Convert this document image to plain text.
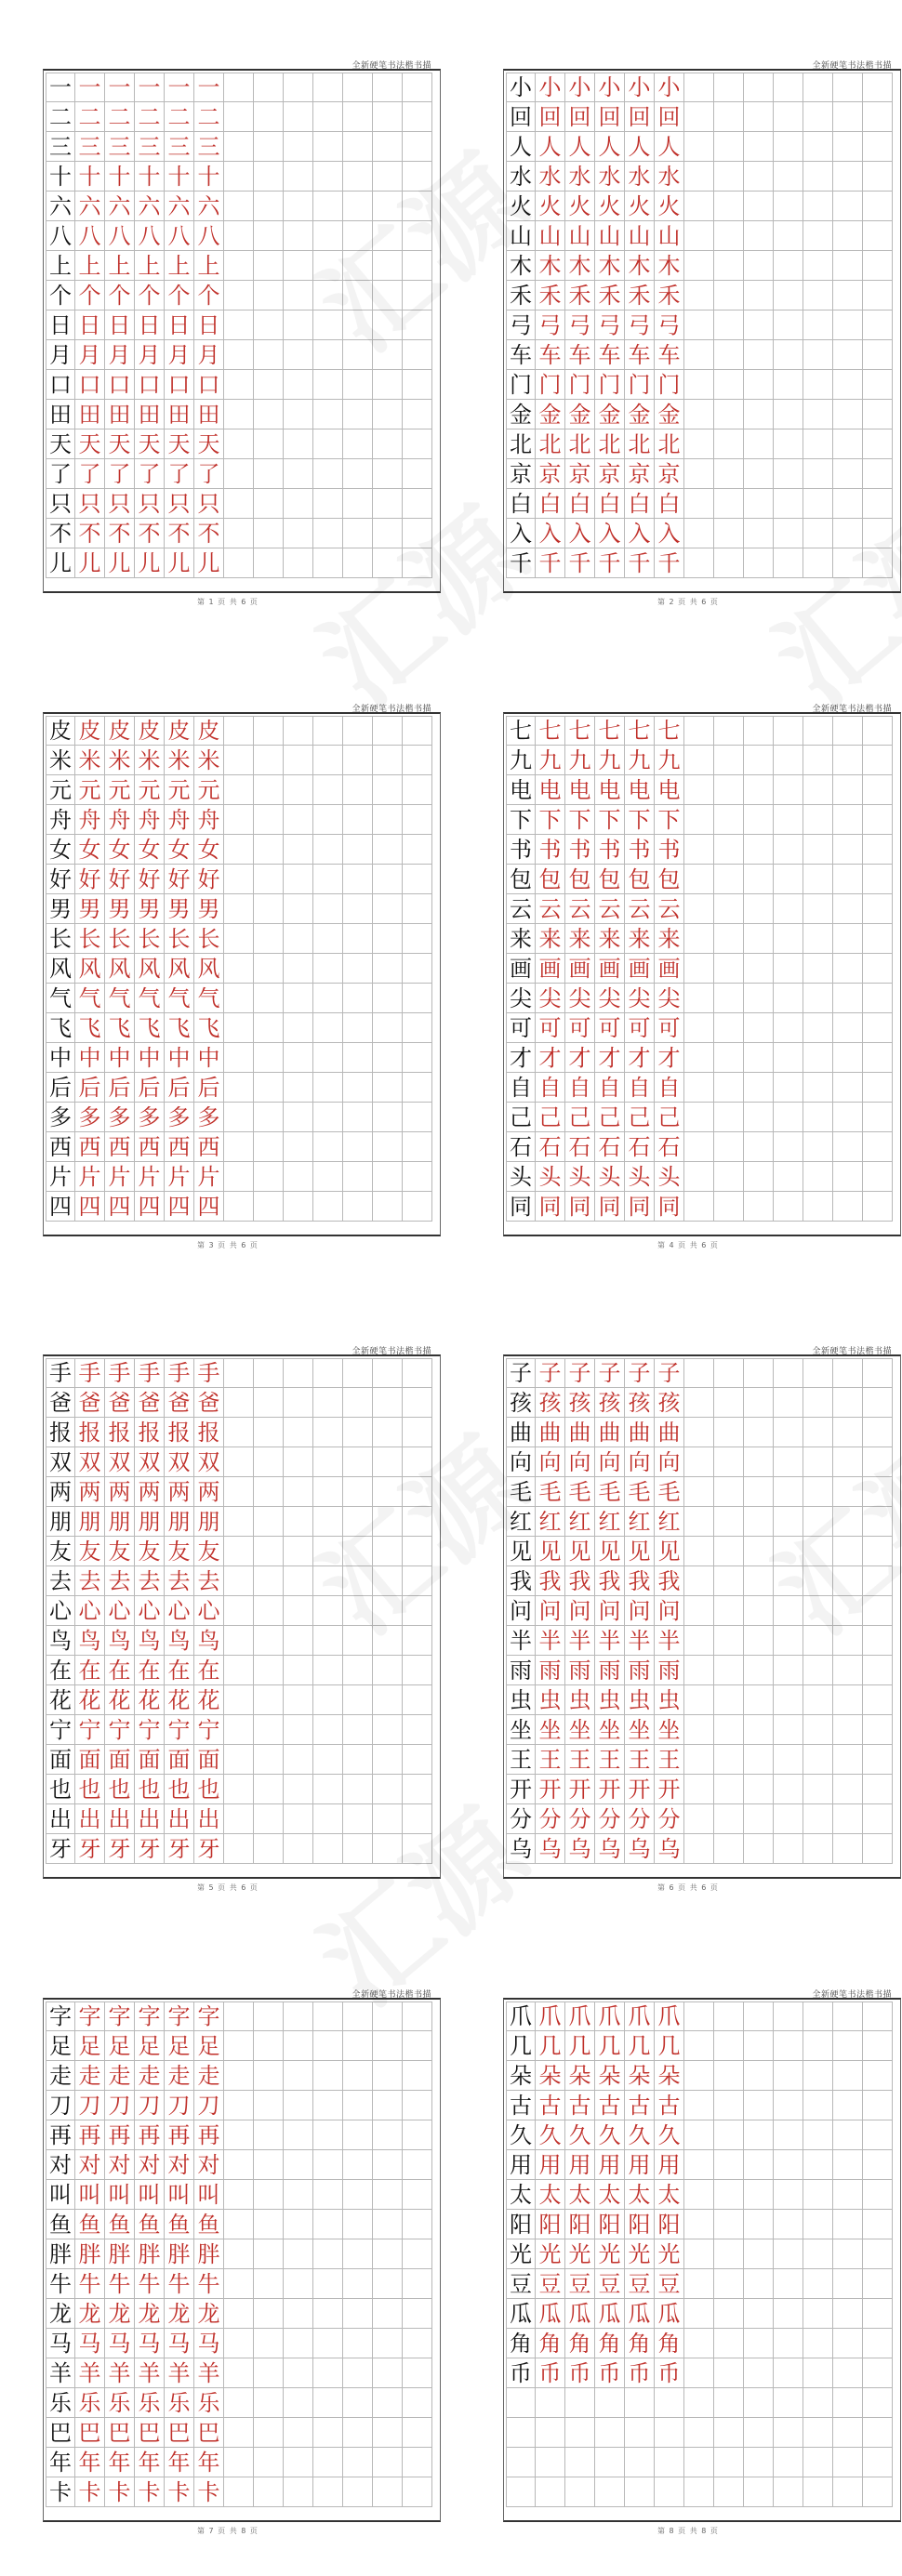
全新硬笔书法楷书描
一 一 一 一 一 一
二 二 二 二 二 二
三 三 三 三 三 三
十 十 十 十 十 十
六 六 六 六 六 六
八 八 八 八 八 八
上 上 上 上 上 上
个 个 个 个 个 个
日 日 日 日 日 日
月 月 月 月 月 月
口 口 口 口 口 口
田 田 田 田 田 田
天 天 天 天 天 天
了 了 了 了 了 了
只 只 只 只 只 只
不 不 不 不 不 不
儿 儿 儿 儿 儿 儿
第 1 页 共 6 页
全新硬笔书法楷书描
小 小 小 小 小 小
回 回 回 回 回 回
人 人 人 人 人 人
水 水 水 水 水 水
火 火 火 火 火 火
山 山 山 山 山 山
木 木 木 木 木 木
禾 禾 禾 禾 禾 禾
弓 弓 弓 弓 弓 弓
车 车 车 车 车 车
门 门 门 门 门 门
金 金 金 金 金 金
北 北 北 北 北 北
京 京 京 京 京 京
白 白 白 白 白 白
入 入 入 入 入 入
千 千 千 千 千 千
第 2 页 共 6 页
全新硬笔书法楷书描
皮 皮 皮 皮 皮 皮
米 米 米 米 米 米
元 元 元 元 元 元
舟 舟 舟 舟 舟 舟
女 女 女 女 女 女
好 好 好 好 好 好
男 男 男 男 男 男
长 长 长 长 长 长
风 风 风 风 风 风
气 气 气 气 气 气
飞 飞 飞 飞 飞 飞
中 中 中 中 中 中
后 后 后 后 后 后
多 多 多 多 多 多
西 西 西 西 西 西
片 片 片 片 片 片
四 四 四 四 四 四
第 3 页 共 6 页
全新硬笔书法楷书描
七 七 七 七 七 七
九 九 九 九 九 九
电 电 电 电 电 电
下 下 下 下 下 下
书 书 书 书 书 书
包 包 包 包 包 包
云 云 云 云 云 云
来 来 来 来 来 来
画 画 画 画 画 画
尖 尖 尖 尖 尖 尖
可 可 可 可 可 可
才 才 才 才 才 才
自 自 自 自 自 自
己 己 己 己 己 己
石 石 石 石 石 石
头 头 头 头 头 头
同 同 同 同 同 同
第 4 页 共 6 页
全新硬笔书法楷书描
手 手 手 手 手 手
爸 爸 爸 爸 爸 爸
报 报 报 报 报 报
双 双 双 双 双 双
两 两 两 两 两 两
朋 朋 朋 朋 朋 朋
友 友 友 友 友 友
去 去 去 去 去 去
心 心 心 心 心 心
鸟 鸟 鸟 鸟 鸟 鸟
在 在 在 在 在 在
花 花 花 花 花 花
宁 宁 宁 宁 宁 宁
面 面 面 面 面 面
也 也 也 也 也 也
出 出 出 出 出 出
牙 牙 牙 牙 牙 牙
第 5 页 共 6 页
全新硬笔书法楷书描
子 子 子 子 子 子
孩 孩 孩 孩 孩 孩
曲 曲 曲 曲 曲 曲
向 向 向 向 向 向
毛 毛 毛 毛 毛 毛
红 红 红 红 红 红
见 见 见 见 见 见
我 我 我 我 我 我
问 问 问 问 问 问
半 半 半 半 半 半
雨 雨 雨 雨 雨 雨
虫 虫 虫 虫 虫 虫
坐 坐 坐 坐 坐 坐
王 王 王 王 王 王
开 开 开 开 开 开
分 分 分 分 分 分
乌 乌 乌 乌 乌 乌
第 6 页 共 6 页
全新硬笔书法楷书描
字 字 字 字 字 字
足 足 足 足 足 足
走 走 走 走 走 走
刀 刀 刀 刀 刀 刀
再 再 再 再 再 再
对 对 对 对 对 对
叫 叫 叫 叫 叫 叫
鱼 鱼 鱼 鱼 鱼 鱼
胖 胖 胖 胖 胖 胖
牛 牛 牛 牛 牛 牛
龙 龙 龙 龙 龙 龙
马 马 马 马 马 马
羊 羊 羊 羊 羊 羊
乐 乐 乐 乐 乐 乐
巴 巴 巴 巴 巴 巴
年 年 年 年 年 年
卡 卡 卡 卡 卡 卡
第 7 页 共 8 页
全新硬笔书法楷书描
爪 爪 爪 爪 爪 爪
几 几 几 几 几 几
朵 朵 朵 朵 朵 朵
古 古 古 古 古 古
久 久 久 久 久 久
用 用 用 用 用 用
太 太 太 太 太 太
阳 阳 阳 阳 阳 阳
光 光 光 光 光 光
豆 豆 豆 豆 豆 豆
瓜 瓜 瓜 瓜 瓜 瓜
角 角 角 角 角 角
币 币 币 币 币 币
第 8 页 共 8 页
